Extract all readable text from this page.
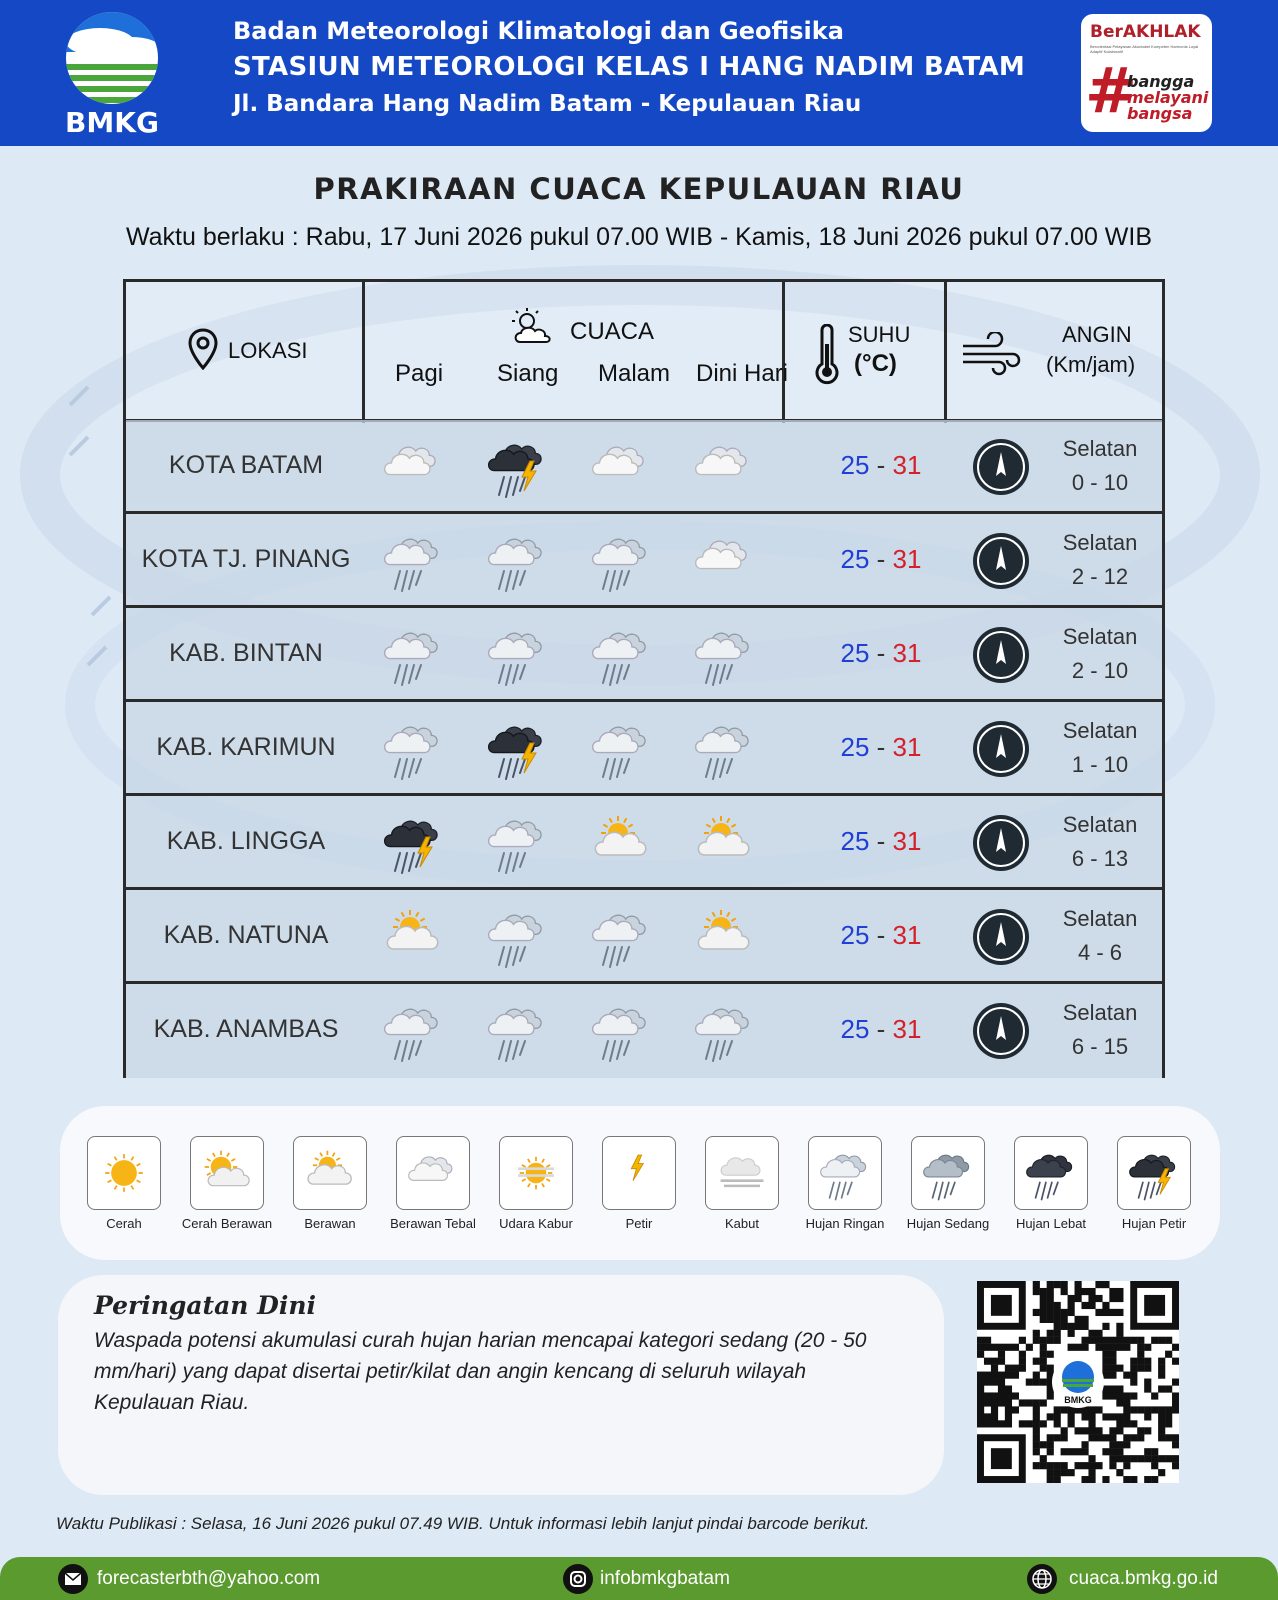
BMKG
Badan Meteorologi Klimatologi dan Geofisika
STASIUN METEOROLOGI KELAS I HANG NADIM BATAM
Jl. Bandara Hang Nadim Batam - Kepulauan Riau
BerAKHLAK
Berorientasi Pelayanan Akuntabel Kompeten Harmonis Loyal Adaptif Kolaboratif
#
bangga
melayani
bangsa
PRAKIRAAN CUACA KEPULAUAN RIAU
Waktu berlaku : Rabu, 17 Juni 2026 pukul 07.00 WIB - Kamis, 18 Juni 2026 pukul 07.00 WIB
LOKASI
CUACA
Pagi Siang Malam Dini Hari
SUHU
(°C)
ANGIN
(Km/jam)
KOTA BATAM	25 - 31
Selatan
0 - 10
KOTA TJ. PINANG	25 - 31
Selatan
2 - 12
KAB. BINTAN	25 - 31
Selatan
2 - 10
KAB. KARIMUN	25 - 31
Selatan
1 - 10
KAB. LINGGA	25 - 31
Selatan
6 - 13
KAB. NATUNA	25 - 31
Selatan
4 - 6
KAB. ANAMBAS	25 - 31
Selatan
6 - 15
Cerah	Cerah Berawan	Berawan	Berawan Tebal	Udara Kabur	Petir	Kabut	Hujan Ringan	Hujan Sedang	Hujan Lebat	Hujan Petir
Peringatan Dini
Waspada potensi akumulasi curah hujan harian mencapai kategori sedang (20 - 50 mm/hari) yang dapat disertai petir/kilat dan angin kencang di seluruh wilayah Kepulauan Riau.	BMKG
Waktu Publikasi : Selasa, 16 Juni 2026 pukul 07.49 WIB. Untuk informasi lebih lanjut pindai barcode berikut.
forecasterbth@yahoo.com	infobmkgbatam	cuaca.bmkg.go.id
